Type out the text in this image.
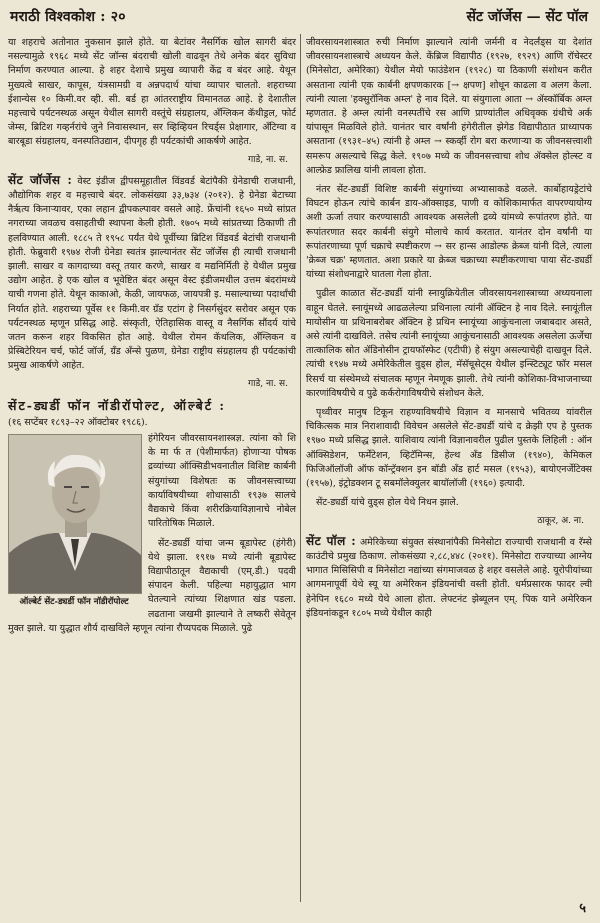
मराठी विश्वकोश : २०	सेंट जॉर्जेस — सेंट पॉल

या शहराचे अतोनात नुकसान झाले होते. या बेटांवर नैसर्गिक खोल सागरी बंदर नसल्यामुळे १९६८ मध्ये सेंट जॉन्स बंदराची खोली वाढवून तेथे अनेक बंदर सुविधा निर्माण करण्यात आल्या. हे शहर देशाचे प्रमुख व्यापारी केंद्र व बंदर आहे. येथून मुख्यत्वे साखर, कापूस, यंत्रसामग्री व अन्नपदार्थ यांचा व्यापार चालतो. शहराच्या ईशान्येस १० किमी.वर व्ही. सी. बर्ड हा आंतरराष्ट्रीय विमानतळ आहे. हे देशातील महत्त्वाचे पर्यटनस्थळ असून येथील सागरी वस्तूंचे संग्रहालय, अँग्लिकन कॅथीड्रल, फोर्ट जेम्स, ब्रिटिश गव्हर्नरांचे जुने निवासस्थान, सर व्हिव्हियन रिचर्ड्स प्रेक्षागार, अँटिग्वा व बारबूडा संग्रहालय, वनस्पतिउद्यान, दीपगृह ही पर्यटकांची आकर्षणे आहेत.

गाडे, ना. स.

सेंट जॉर्जेस : वेस्ट इंडीज द्वीपसमूहातील विंडवर्ड बेटांपैकी ग्रेनेडाची राजधानी, औद्योगिक शहर व महत्त्वाचे बंदर. लोकसंख्या ३३,७३४ (२०१२). हे ग्रेनेडा बेटाच्या नैर्ऋत्य किनाऱ्यावर, एका लहान द्वीपकल्पावर वसले आहे. फ्रेंचांनी १६५० मध्ये सांप्रत नगराच्या जवळच वसाहतीची स्थापना केली होती. १७०५ मध्ये सांप्रतच्या ठिकाणी ती हलविण्यात आली. १८८५ ते १९५८ पर्यंत येथे पूर्वीच्या ब्रिटिश विंडवर्ड बेटांची राजधानी होती. फेब्रुवारी १९७४ रोजी ग्रेनेडा स्वतंत्र झाल्यानंतर सेंट जॉर्जेस ही त्याची राजधानी झाली. साखर व कागदाच्या वस्तू तयार करणे, साखर व मद्यनिर्मिती हे येथील प्रमुख उद्योग आहेत. हे एक खोल व भूवेष्टित बंदर असून वेस्ट इंडीजमधील उत्तम बंदरांमध्ये याची गणना होते. येथून काकाओ, केळी, जायफळ, जायपत्री इ. मसाल्याच्या पदार्थांची निर्यात होते. शहराच्या पूर्वेस ११ किमी.वर ग्रँड एटांग हे निसर्गसुंदर सरोवर असून एक पर्यटनस्थळ म्हणून प्रसिद्ध आहे. संस्कृती, ऐतिहासिक वास्तू व नैसर्गिक सौंदर्य यांचे जतन करून शहर विकसित होत आहे. येथील रोमन कॅथलिक, अँग्लिकन व प्रेस्बिटेरियन चर्च, फोर्ट जॉर्ज, ग्रँड अँन्से पुळण, ग्रेनेडा राष्ट्रीय संग्रहालय ही पर्यटकांची प्रमुख आकर्षणे आहेत.

गाडे, ना. स.
सेंट-ड्यर्डी फॉन नॉडीरॉपोल्ट, ऑल्बेर्ट :

(१६ सप्टेंबर १८९३–२२ ऑक्टोबर १९८६).

ऑल्बेर्ट सेंट-ड्यर्डी फॉन नॉडीरॉपोल्ट

हंगेरियन जीवरसायनशास्त्रज्ञ. त्यांना को शि के मा र्फ त (पेशीमार्फत) होणाऱ्या पोषक द्रव्यांच्या ऑक्सिडीभवनातील विशिष्ट कार्बनी संयुगांच्या विशेषतः क जीवनसत्त्वाच्या कार्याविषयीच्या शोधासाठी १९३७ सालचे वैद्यकाचे किंवा शरीरक्रियाविज्ञानाचे नोबेल पारितोषिक मिळाले.

सेंट-ड्यर्डी यांचा जन्म बूडापेस्ट (हंगेरी) येथे झाला. १९१७ मध्ये त्यांनी बूडापेस्ट विद्यापीठातून वैद्यकाची (एम्.डी.) पदवी संपादन केली. पहिल्या महायुद्धात भाग घेतल्याने त्यांच्या शिक्षणात खंड पडला. लढताना जखमी झाल्याने ते लष्करी सेवेतून मुक्त झाले. या युद्धात शौर्य दाखविले म्हणून त्यांना रौप्यपदक मिळाले. पुढे

जीवरसायनशास्त्रात रुची निर्माण झाल्याने त्यांनी जर्मनी व नेदर्लंड्स या देशांत जीवरसायनशास्त्राचे अध्ययन केले. केंब्रिज विद्यापीठ (१९२७, १९२९) आणि रॉचेस्टर (मिनेसोटा, अमेरिका) येथील मेयो फाउंडेशन (१९२८) या ठिकाणी संशोधन करीत असताना त्यांनी एक कार्बनी क्षपणकारक [→ क्षपण] शोधून काढला व अलग केला. त्यांनी त्याला 'हक्सुरॉनिक अम्ल' हे नाव दिले. या संयुगाला आता → ॲस्कॉर्बिक अम्ल म्हणतात. हे अम्ल त्यांनी वनस्पतींचे रस आणि प्राण्यांतील अधिवृक्क ग्रंथीचे अर्क यांपासून मिळविले होते. यानंतर चार वर्षांनी हंगेरीतील झेगेड विद्यापीठात प्राध्यापक असताना (१९३१–४५) त्यांनी हे अम्ल → स्कर्व्ही रोग बरा करणाऱ्या क जीवनसत्त्वाशी समरूप असल्याचे सिद्ध केले. १९०७ मध्ये क जीवनसत्त्वाचा शोध ॲक्सेल होल्स्ट व आल्फ्रेड फ्रालिख यांनी लावला होता.

नंतर सेंट-ड्यर्डी विशिष्ट कार्बनी संयुगांच्या अभ्यासाकडे वळले. कार्बोहायड्रेटांचे विघटन होऊन त्यांचे कार्बन डाय-ऑक्साइड, पाणी व कोशिकामार्फत वापरण्यायोग्य अशी ऊर्जा तयार करण्यासाठी आवश्यक असलेली द्रव्ये यांमध्ये रूपांतरण होते. या रूपांतरणात सदर कार्बनी संयुगे मोलाचे कार्य करतात. यानंतर दोन वर्षांनी या रूपांतरणाच्या पूर्ण चक्राचे स्पष्टीकरण → सर हान्स आडोल्फ क्रेब्ज यांनी दिले, त्याला 'क्रेब्ज चक्र' म्हणतात. अशा प्रकारे या क्रेब्ज चक्राच्या स्पष्टीकरणाचा पाया सेंट-ड्यर्डी यांच्या संशोधनाद्वारे घातला गेला होता.

पुढील काळात सेंट-ड्यर्डी यांनी स्नायुक्रियेतील जीवरसायनशास्त्राच्या अध्ययनाला वाहून घेतले. स्नायूंमध्ये आढळलेल्या प्रथिनाला त्यांनी ॲक्टिन हे नाव दिले. स्नायूंतील मायोसीन या प्रथिनाबरोबर ॲक्टिन हे प्रथिन स्नायूंच्या आकुंचनाला जबाबदार असते, असे त्यांनी दाखविले. तसेच त्यांनी स्नायूंच्या आकुंचनासाठी आवश्यक असलेला ऊर्जेचा तात्कालिक स्रोत ॲडिनोसीन ट्रायफॉस्फेट (एटीपी) हे संयुग असल्याचेही दाखवून दिले. त्यांची १९४७ मध्ये अमेरिकेतील वुड्स होल, मॅसॅचूसेट्स येथील इन्स्टिट्यूट फॉर मसल रिसर्च या संस्थेमध्ये संचालक म्हणून नेमणूक झाली. तेथे त्यांनी कोशिका-विभाजनाच्या कारणांविषयीचे व पुढे कर्करोगाविषयीचे संशोधन केले.

पृथ्वीवर मानुष टिकून राहण्याविषयीचे विज्ञान व मानसाचे भवितव्य यांवरील चिकित्सक मात्र निराशावादी विवेचन असलेले सेंट-ड्यर्डी यांचे द क्रेझी एप हे पुस्तक १९७० मध्ये प्रसिद्ध झाले. याशिवाय त्यांनी विज्ञानावरील पुढील पुस्तके लिहिली : ऑन ऑक्सिडेशन, फर्मेंटेशन, व्हिटॅमिन्स, हेल्थ अँड डिसीज (१९४०), केमिकल फिजिऑलॉजी ऑफ कॉन्ट्रॅक्शन इन बॉडी अँड हार्ट मसल (१९५३), बायोएनर्जेटिक्स (१९५७), इंट्रोडक्शन टू सबमॉलेक्युलर बायॉलॉजी (१९६०) इत्यादी.

सेंट-ड्यर्डी यांचे वुड्स होल येथे निधन झाले.

ठाकूर, अ. ना.

सेंट पॉल : अमेरिकेच्या संयुक्त संस्थानांपैकी मिनेसोटा राज्याची राजधानी व रॅम्से काउंटीचे प्रमुख ठिकाण. लोकसंख्या २,८८,४४८ (२०११). मिनेसोटा राज्याच्या आग्नेय भागात मिसिसिपी व मिनेसोटा नद्यांच्या संगमाजवळ हे शहर वसलेले आहे. यूरोपीयांच्या आगमनापूर्वी येथे स्यू या अमेरिकन इंडियनांची वस्ती होती. धर्मप्रसारक फादर ल्वी हेनेपिन १६८० मध्ये येथे आला होता. लेफ्टनंट झेब्यूलन एम्. पिक याने अमेरिकन इंडियनांकडून १८०५ मध्ये येथील काही

५
